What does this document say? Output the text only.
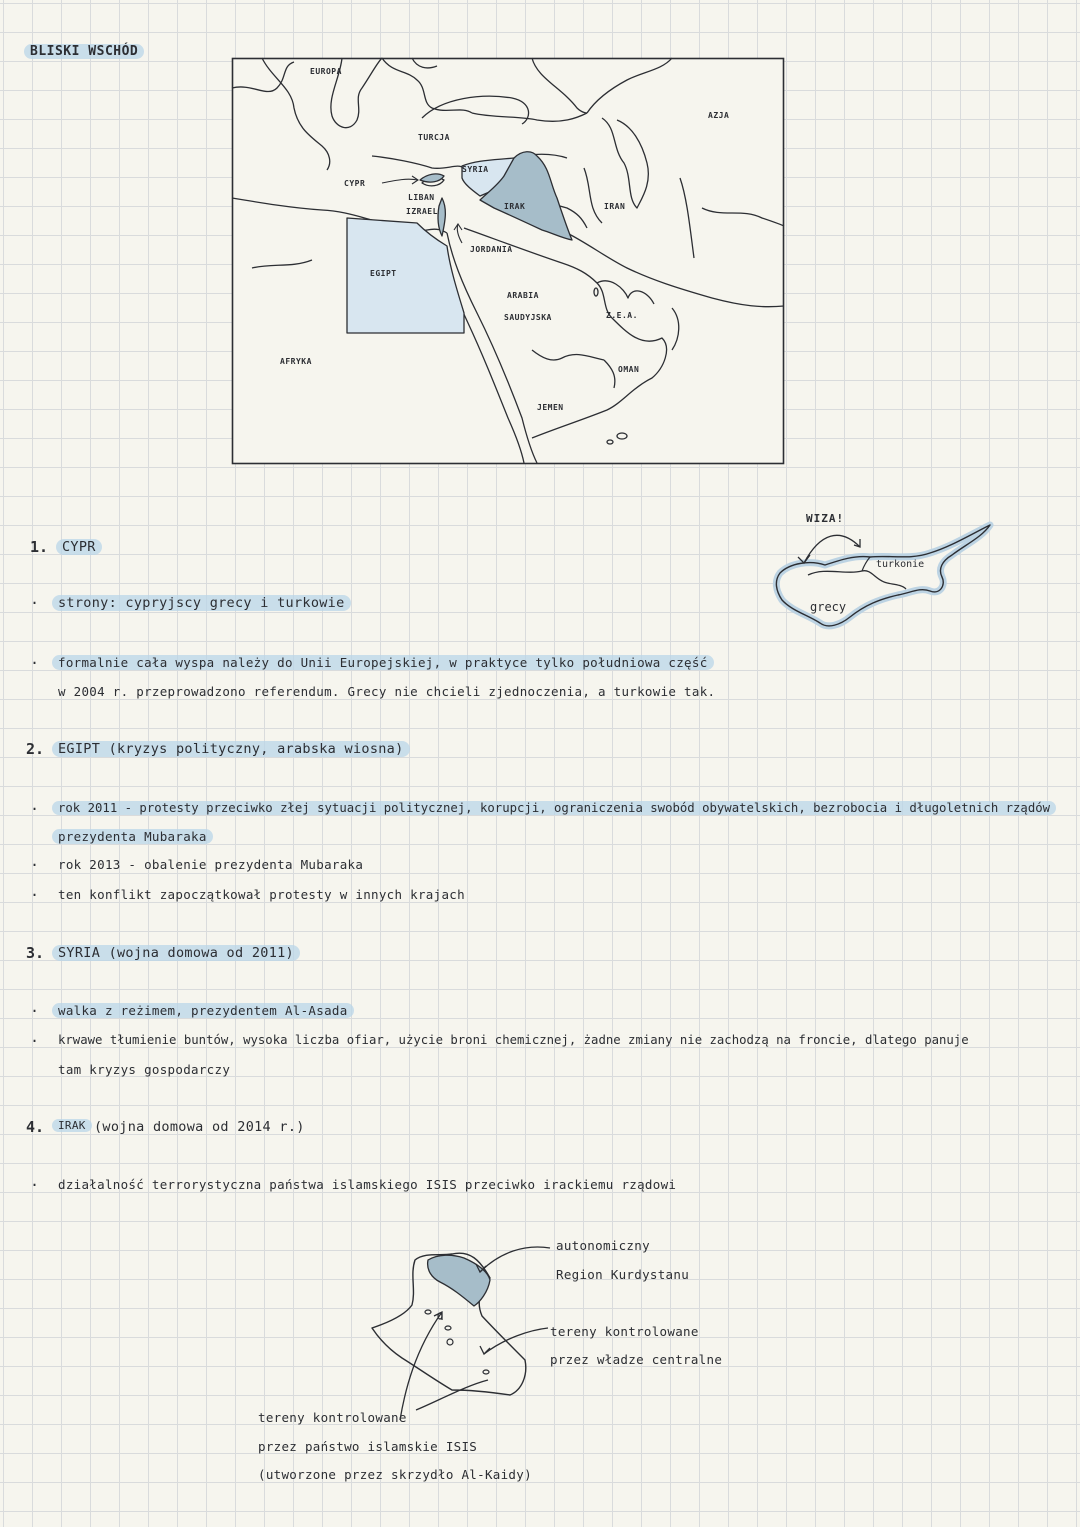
BLISKI WSCHÓD
EUROPA
AZJA
TURCJA
SYRIA
CYPR
LIBAN
IZRAEL
IRAK	IRAN
JORDANIA
EGIPT
ARABIA
SAUDYJSKA	Z.E.A.
OMAN
JEMEN
AFRYKA
WIZA!
turkonie
grecy
1.	CYPR
·	strony: cypryjscy grecy i turkowie
·	formalnie cała wyspa należy do Unii Europejskiej, w praktyce tylko południowa część
w 2004 r. przeprowadzono referendum. Grecy nie chcieli zjednoczenia, a turkowie tak.
2.	EGIPT (kryzys polityczny, arabska wiosna)
·	rok 2011 - protesty przeciwko złej sytuacji politycznej, korupcji, ograniczenia swobód obywatelskich, bezrobocia i długoletnich rządów
prezydenta Mubaraka
· rok 2013 - obalenie prezydenta Mubaraka
· ten konflikt zapoczątkował protesty w innych krajach
3.	SYRIA (wojna domowa od 2011)
·	walka z reżimem, prezydentem Al-Asada
· krwawe tłumienie buntów, wysoka liczba ofiar, użycie broni chemicznej, żadne zmiany nie zachodzą na froncie, dlatego panuje
tam kryzys gospodarczy
4.	IRAK (wojna domowa od 2014 r.)
· działalność terrorystyczna państwa islamskiego ISIS przeciwko irackiemu rządowi
autonomiczny
Region Kurdystanu
tereny kontrolowane
przez władze centralne
tereny kontrolowane
przez państwo islamskie ISIS
(utworzone przez skrzydło Al-Kaidy)
